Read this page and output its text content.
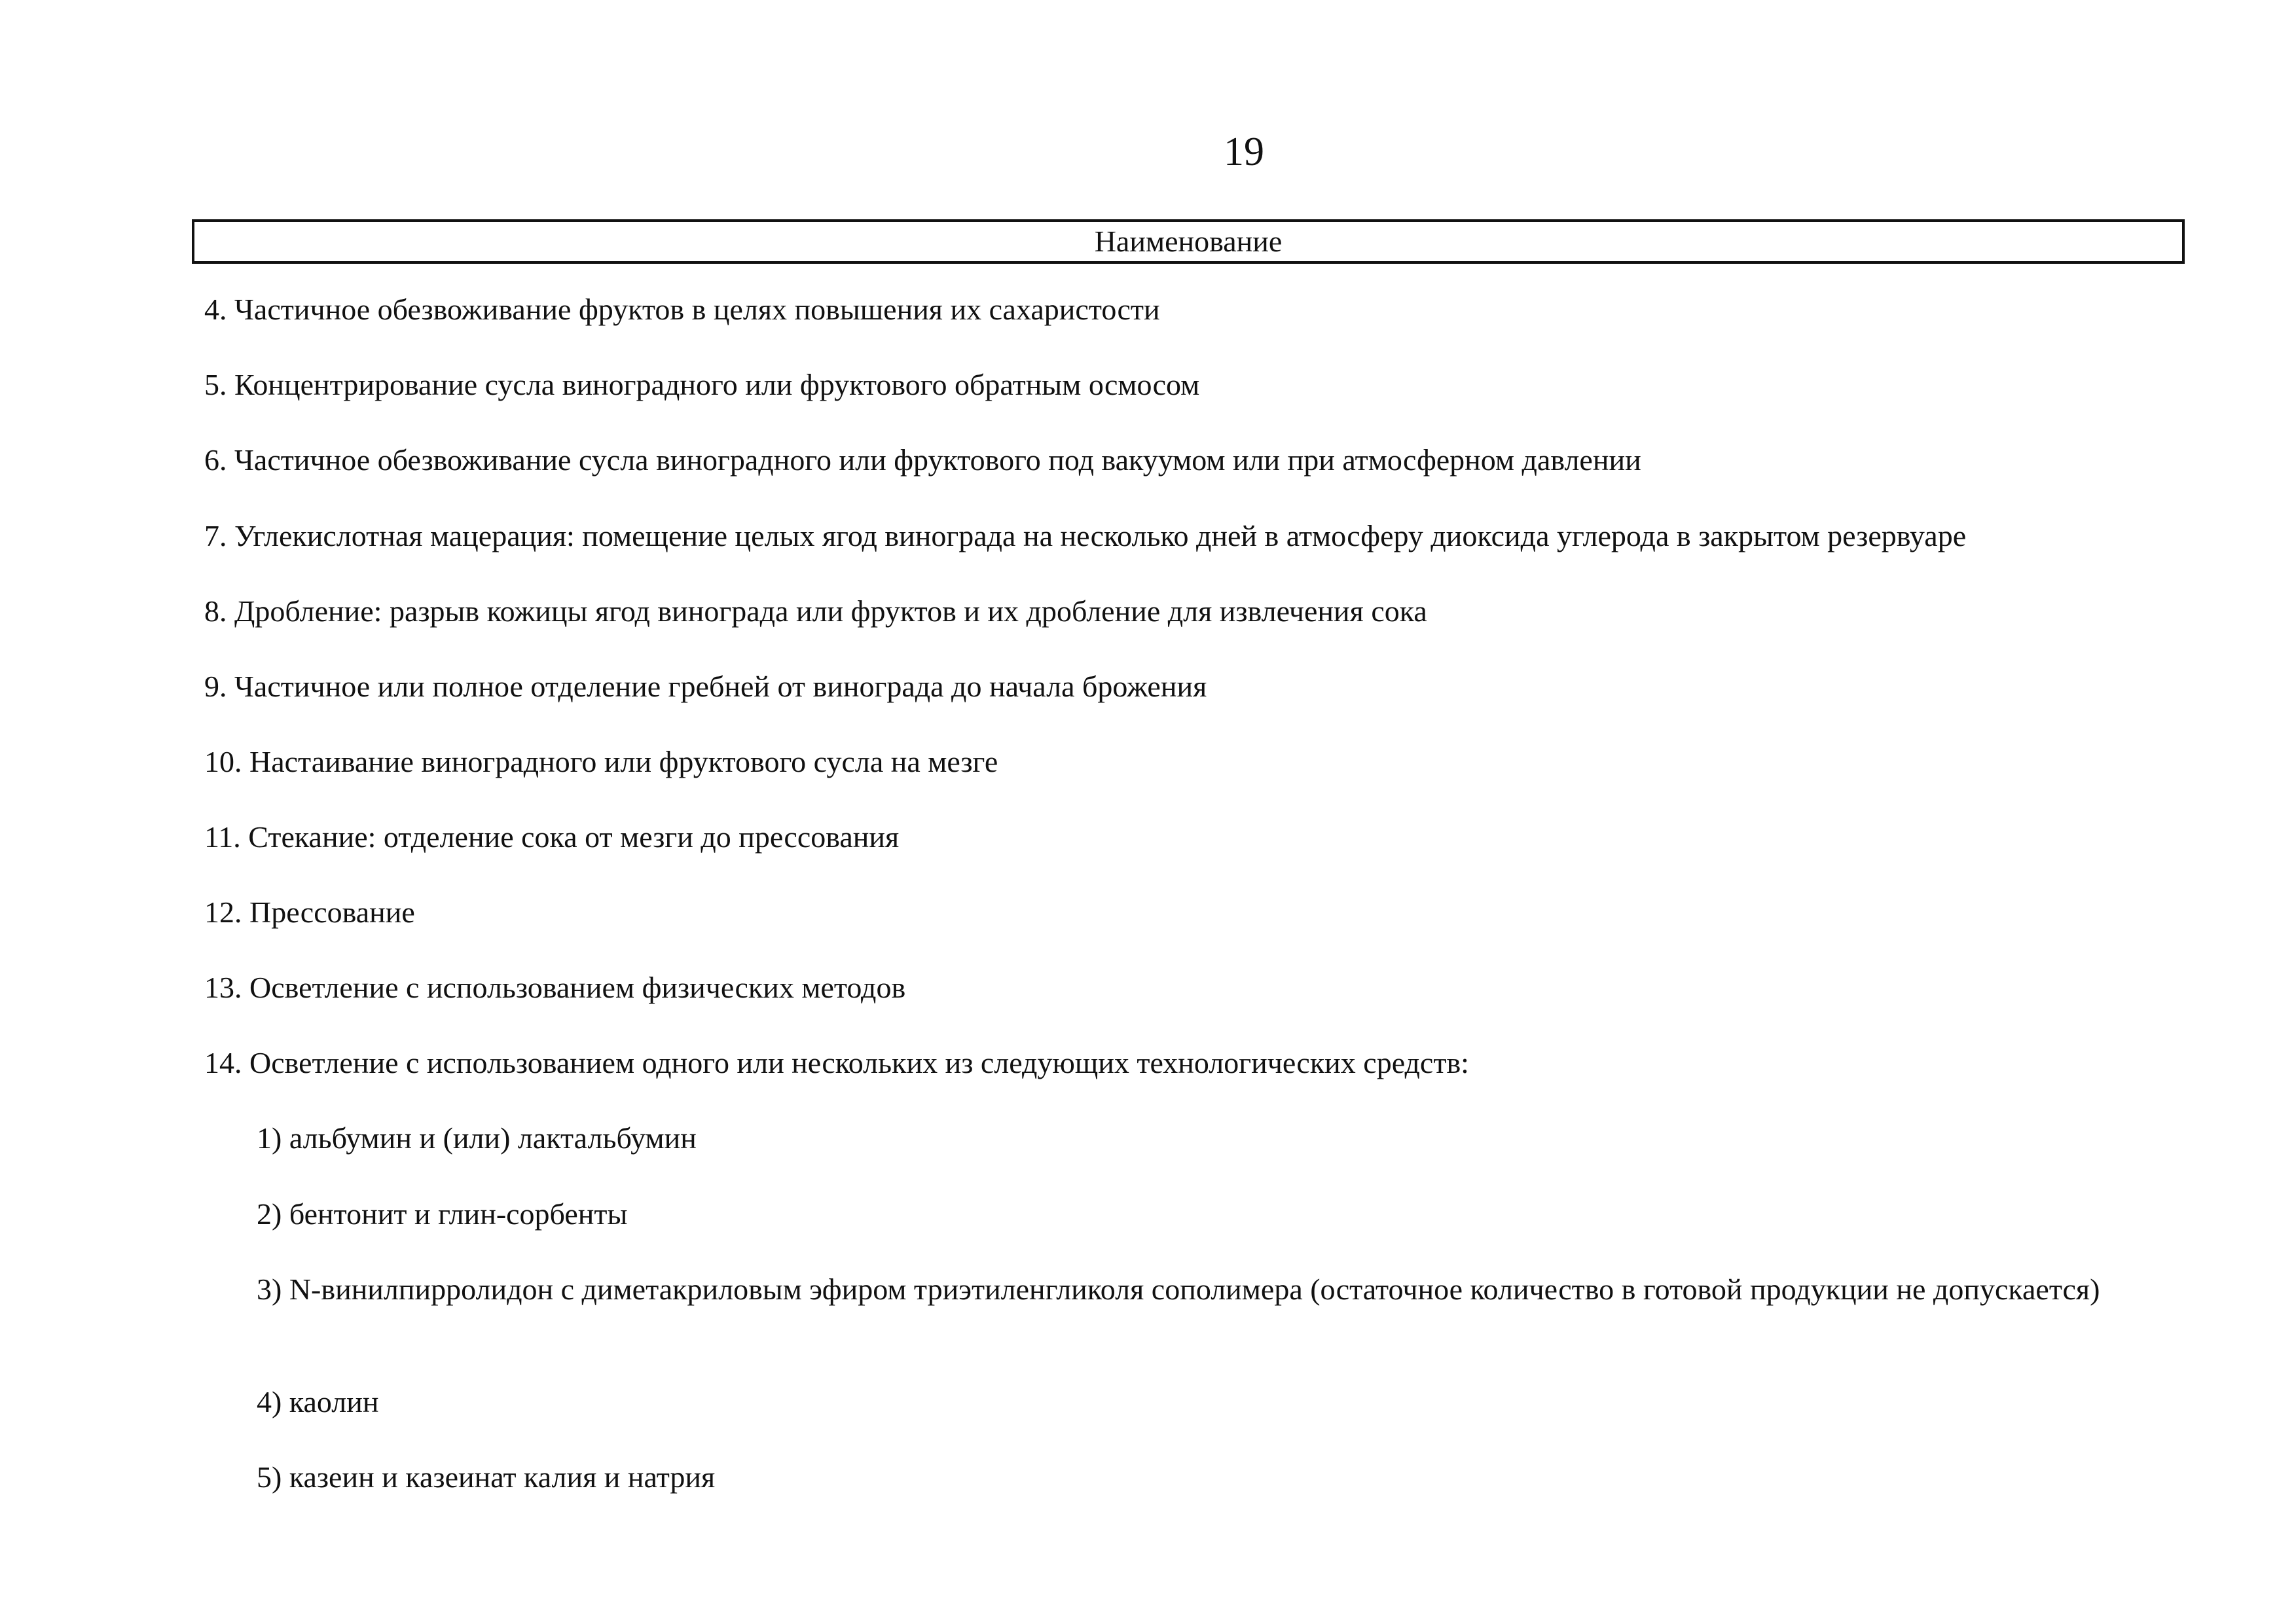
19
Наименование
4. Частичное обезвоживание фруктов в целях повышения их сахаристости
5. Концентрирование сусла виноградного или фруктового обратным осмосом
6. Частичное обезвоживание сусла виноградного или фруктового под вакуумом или при атмосферном давлении
7. Углекислотная мацерация: помещение целых ягод винограда на несколько дней в атмосферу диоксида углерода в закрытом резервуаре
8. Дробление: разрыв кожицы ягод винограда или фруктов и их дробление для извлечения сока
9. Частичное или полное отделение гребней от винограда до начала брожения
10. Настаивание виноградного или фруктового сусла на мезге
11. Стекание: отделение сока от мезги до прессования
12. Прессование
13. Осветление с использованием физических методов
14. Осветление с использованием одного или нескольких из следующих технологических средств:
1) альбумин и (или) лактальбумин
2) бентонит и глин-сорбенты
3) N-винилпирролидон с диметакриловым эфиром триэтиленгликоля сополимера (остаточное количество в готовой продукции не допускается)
4) каолин
5) казеин и казеинат калия и натрия
